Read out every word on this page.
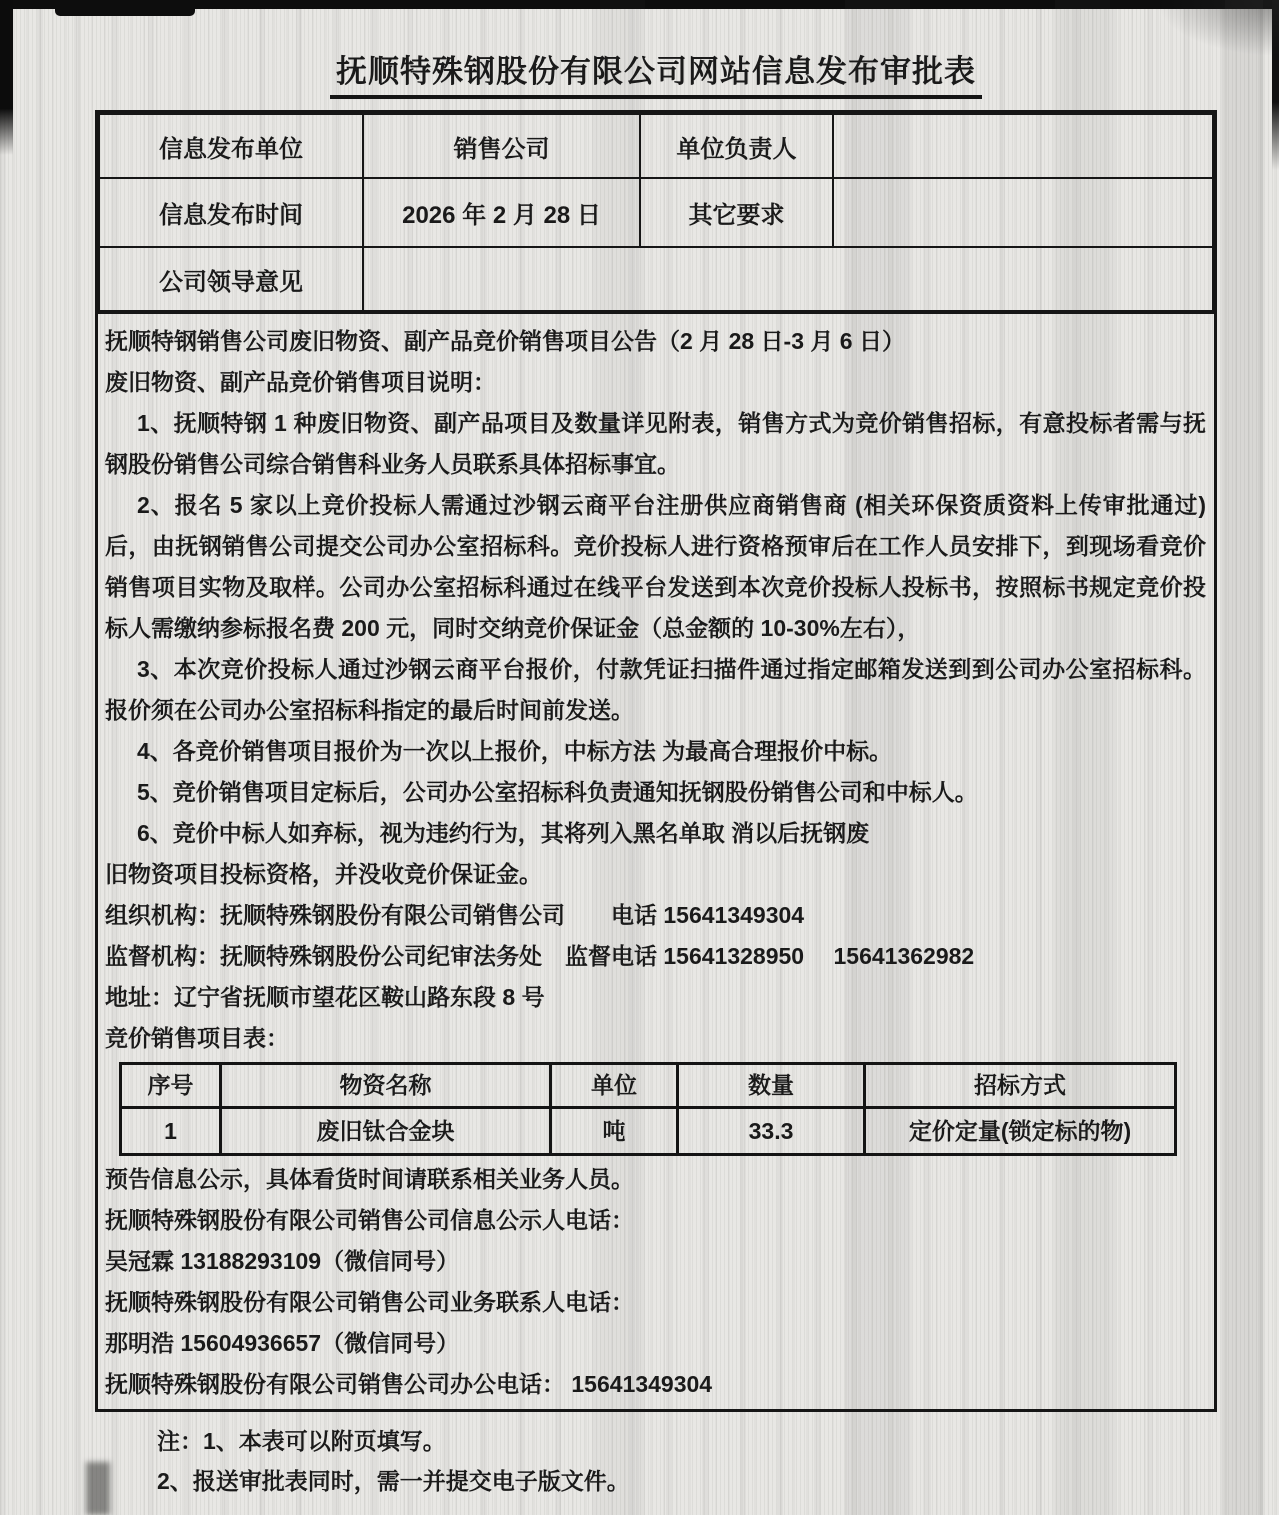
抚顺特殊钢股份有限公司网站信息发布审批表
信息发布单位	销售公司	单位负责人	
信息发布时间	2026 年 2 月 28 日	其它要求	
公司领导意见			

抚顺特钢销售公司废旧物资、副产品竞价销售项目公告（2 月 28 日-3 月 6 日）

废旧物资、副产品竞价销售项目说明：

1、抚顺特钢 1 种废旧物资、副产品项目及数量详见附表，销售方式为竞价销售招标，有意投标者需与抚钢股份销售公司综合销售科业务人员联系具体招标事宜。

2、报名 5 家以上竞价投标人需通过沙钢云商平台注册供应商销售商 (相关环保资质资料上传审批通过)后，由抚钢销售公司提交公司办公室招标科。竞价投标人进行资格预审后在工作人员安排下，到现场看竞价销售项目实物及取样。公司办公室招标科通过在线平台发送到本次竞价投标人投标书，按照标书规定竞价投标人需缴纳参标报名费 200 元，同时交纳竞价保证金（总金额的 10-30%左右），

3、本次竞价投标人通过沙钢云商平台报价，付款凭证扫描件通过指定邮箱发送到到公司办公室招标科。报价须在公司办公室招标科指定的最后时间前发送。

4、各竞价销售项目报价为一次以上报价，中标方法 为最高合理报价中标。

5、竞价销售项目定标后，公司办公室招标科负责通知抚钢股份销售公司和中标人。

6、竞价中标人如弃标，视为违约行为，其将列入黑名单取 消以后抚钢废

旧物资项目投标资格，并没收竞价保证金。

组织机构：抚顺特殊钢股份有限公司销售公司　　电话 15641349304

监督机构：抚顺特殊钢股份公司纪审法务处　监督电话 15641328950　 15641362982

地址：辽宁省抚顺市望花区鞍山路东段 8 号

竞价销售项目表：

序号	物资名称	单位	数量	招标方式
1	废旧钛合金块	吨	33.3	定价定量(锁定标的物)

预告信息公示，具体看货时间请联系相关业务人员。

抚顺特殊钢股份有限公司销售公司信息公示人电话：

吴冠霖 13188293109（微信同号）

抚顺特殊钢股份有限公司销售公司业务联系人电话：

那明浩 15604936657（微信同号）

抚顺特殊钢股份有限公司销售公司办公电话： 15641349304

注：1、本表可以附页填写。

2、报送审批表同时，需一并提交电子版文件。
